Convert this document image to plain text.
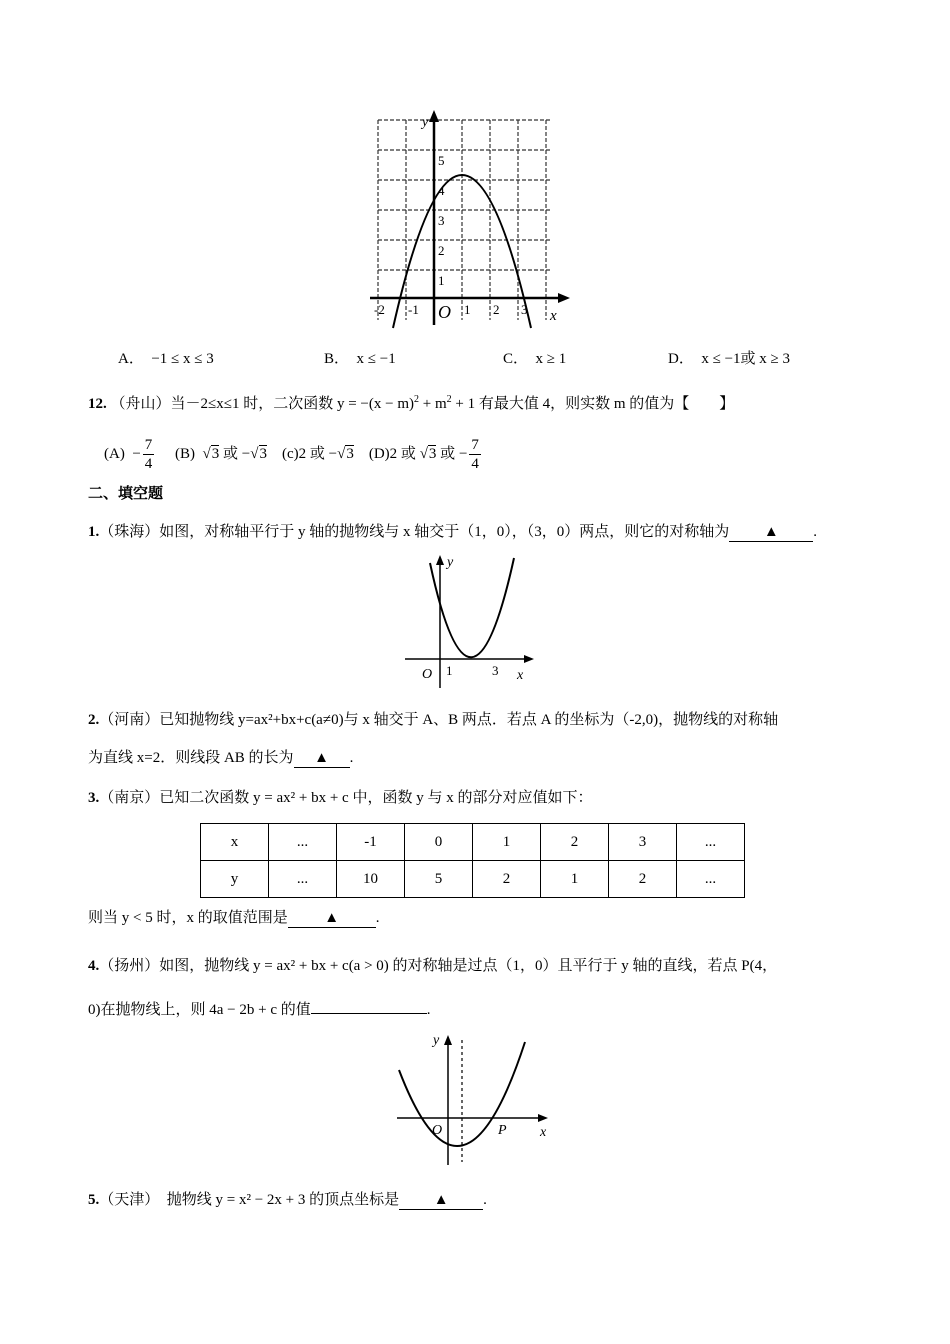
y
x
O
-2 -1	1 2 3
1
2
3
4
5
A． −1 ≤ x ≤ 3	B． x ≤ −1	C． x ≥ 1	D． x ≤ −1或 x ≥ 3
12. （舟山）当－2≤x≤1 时，二次函数 $y = -(x - m)^2 + m^2 + 1$ 有最大值 4，则实数 m 的值为【　　】
$(A) - \frac{7}{4} (B)$  √3 或 −√3 (c)2 或 −√3 (D)2 或 √3 或 − $\frac{7}{4}$
二、填空题
1.（珠海）如图，对称轴平行于 y 轴的抛物线与 x 轴交于（1，0），（3，0）两点，则它的对称轴为 ▲ .
y
x
O 1	3
2.（河南）已知抛物线 y=ax²+bx+c(a≠0)与 x 轴交于 A、B 两点．若点 A 的坐标为（-2,0)，抛物线的对称轴
为直线 x=2．则线段 AB 的长为 ▲ .
3.（南京）已知二次函数 y = ax² + bx + c 中，函数 y 与 x 的部分对应值如下：
x	...	-1	0	1	2	3	...
y	...	10	5	2	1	2	...
则当 y < 5 时，x 的取值范围是 ▲ .
4.（扬州）如图，抛物线 y = ax² + bx + c(a > 0) 的对称轴是过点（1，0）且平行于 y 轴的直线，若点 P(4，
0)在抛物线上，则 4a − 2b + c 的值	.
y
x
O	P
5.（天津）　抛物线 y = x² − 2x + 3 的顶点坐标是 ▲ .
